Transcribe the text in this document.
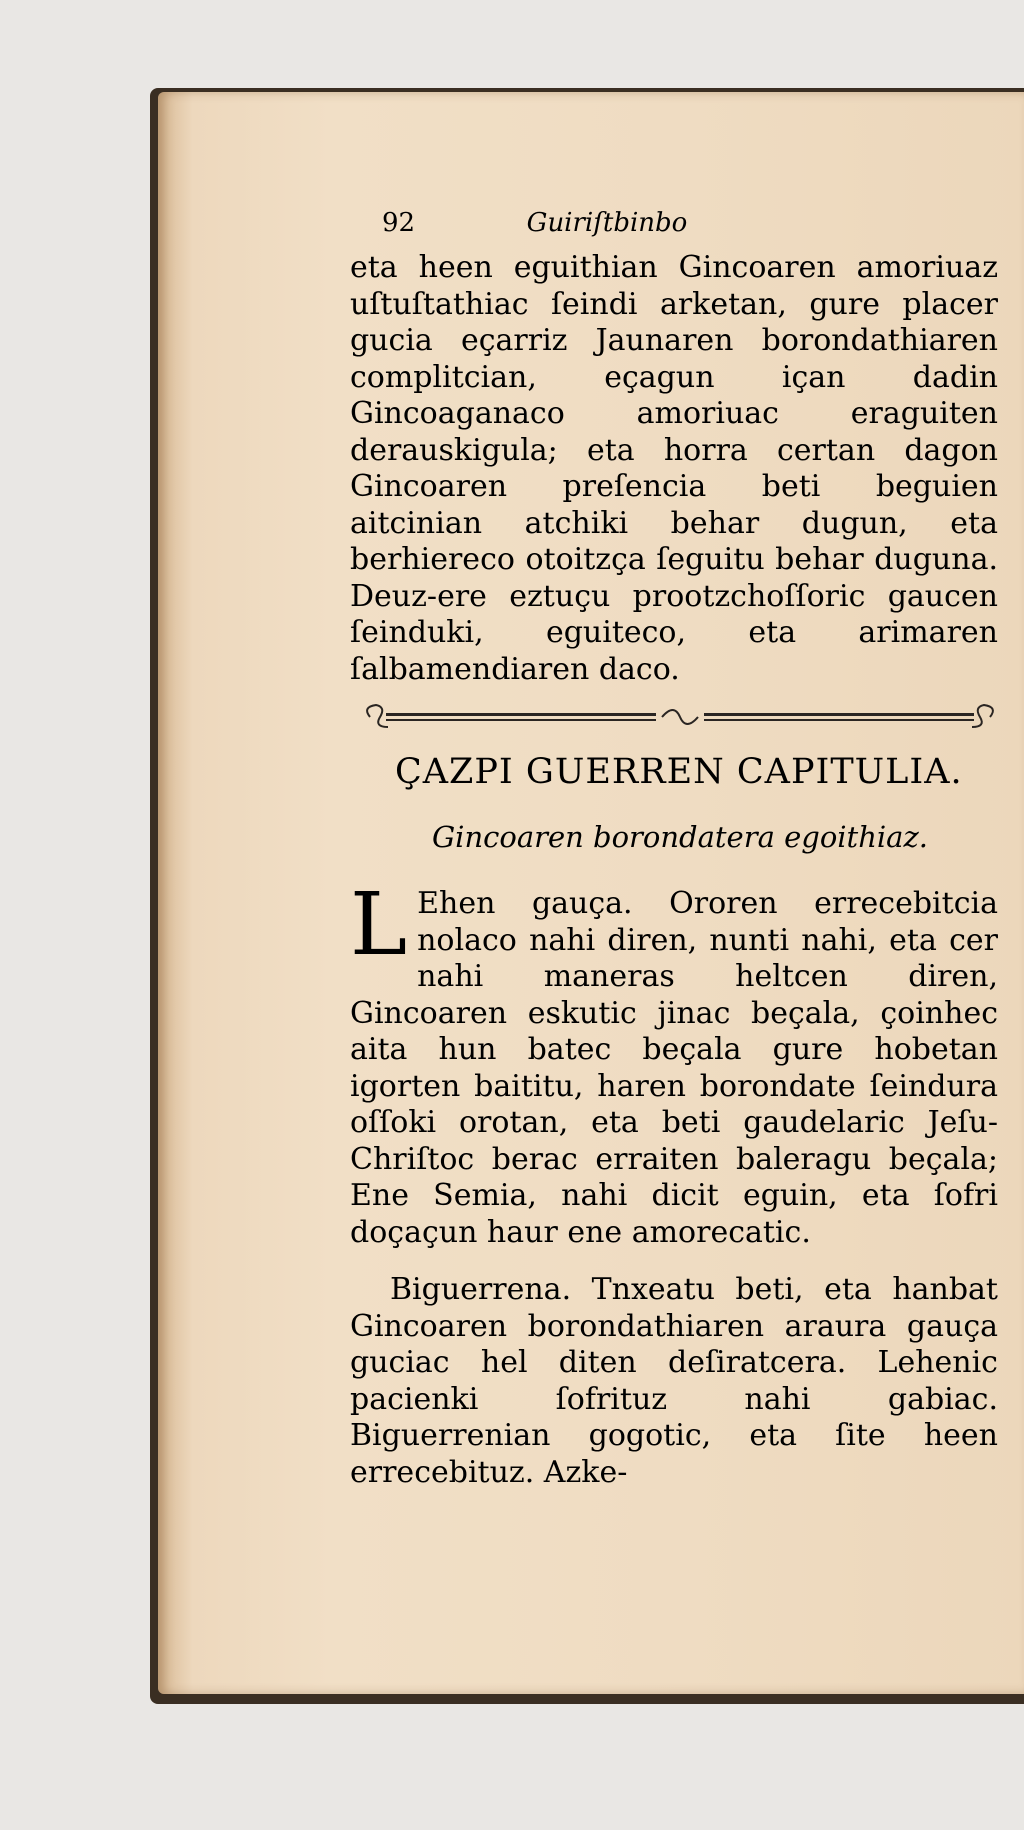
92	Guiriſtbinbo

eta heen eguithian Gincoaren amoriuaz uſtuſtathiac ſeindi arketan, gure placer gucia eçarriz Jaunaren borondathiaren complitcian, eçagun içan dadin Gincoaganaco amoriuac eraguiten derauskigula; eta horra certan dagon Gincoaren preſencia beti beguien aitcinian atchiki behar dugun, eta berhiereco otoitzça ſeguitu behar duguna. Deuz-ere eztuçu prootzchoſſoric gaucen ſeinduki, eguiteco, eta arimaren ſalbamendiaren daco.

ÇAZPI GUERREN CAPITULIA.
Gincoaren borondatera egoithiaz.

L Ehen gauça. Ororen errecebitcia nolaco nahi diren, nunti nahi, eta cer nahi maneras heltcen diren, Gincoaren eskutic jinac beçala, çoinhec aita hun batec beçala gure hobetan igorten baititu, haren borondate ſeindura oſſoki orotan, eta beti gaudelaric Jeſu-Chriſtoc berac erraiten baleragu beçala; Ene Semia, nahi dicit eguin, eta ſofri doçaçun haur ene amorecatic.

Biguerrena. Tnxeatu beti, eta hanbat Gincoaren borondathiaren araura gauça guciac hel diten deſiratcera. Lehenic pacienki ſofrituz nahi gabiac. Biguerrenian gogotic, eta ſite heen errecebituz. Azke-
